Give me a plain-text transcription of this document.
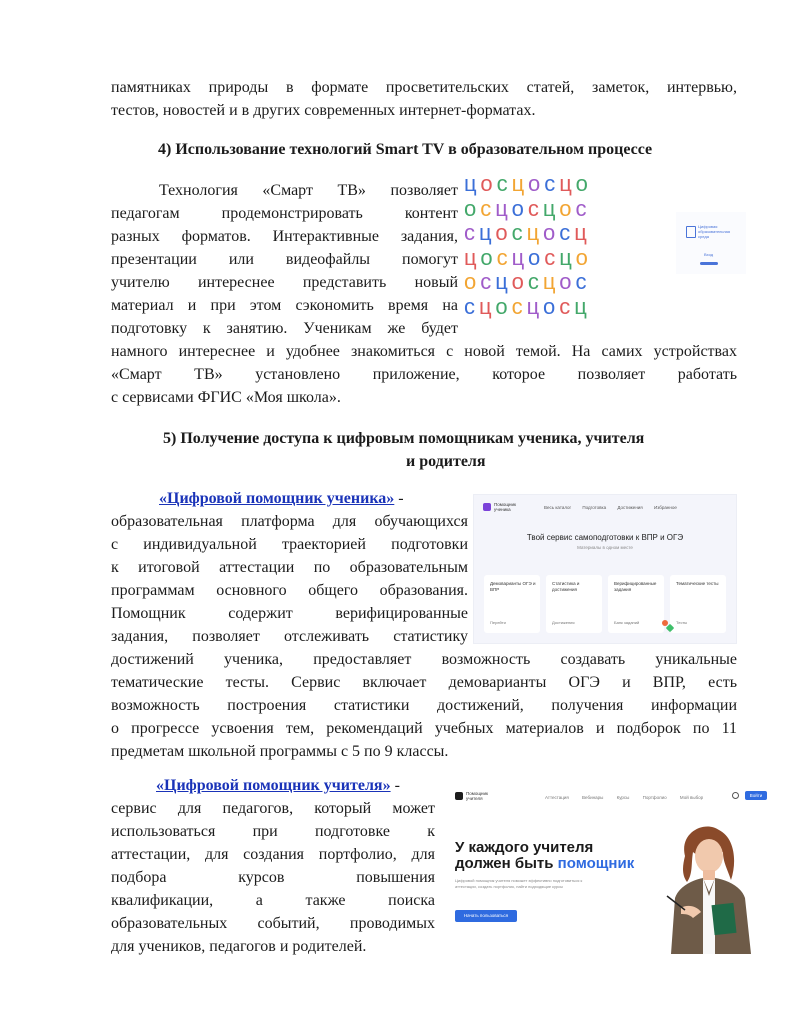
памятниках природы в формате просветительских статей, заметок, интервью,
тестов, новостей и в других современных интернет-форматах.
4) Использование технологий Smart TV в образовательном процессе
Технология «Смарт ТВ» позволяет
педагогам продемонстрировать контент
разных форматов. Интерактивные задания,
презентации или видеофайлы помогут
учителю интереснее представить новый
материал и при этом сэкономить время на
подготовку к занятию. Ученикам же будет
намного интереснее и удобнее знакомиться с новой темой. На самих устройствах
«Смарт ТВ» установлено приложение, которое позволяет работать
с сервисами ФГИС «Моя школа».
цосцосцо
осцосцос
сцосцосц
цосцосцо
осцосцос
сцосцосц
Цифровая образовательная среда
Вход
5) Получение доступа к цифровым помощникам ученика, учителя
и родителя
«Цифровой помощник ученика» -
образовательная платформа для обучающихся
с индивидуальной траекторией подготовки
к итоговой аттестации по образовательным
программам основного общего образования.
Помощник содержит верифицированные
задания, позволяет отслеживать статистику
достижений ученика, предоставляет возможность создавать уникальные
тематические тесты. Сервис включает демоварианты ОГЭ и ВПР, есть
возможность построения статистики достижений, получения информации
о прогрессе усвоения тем, рекомендаций учебных материалов и подборок по 11
предметам школьной программы с 5 по 9 классы.
Помощник ученика	Весь каталог	Подготовка	Достижения	Избранное
Твой сервис самоподготовки к ВПР и ОГЭ
Материалы в одном месте
Демоварианты ОГЭ и ВПР
Перейти
Статистика и достижения
Достижения
Верифицированные задания
Банк заданий
Тематические тесты
Тесты
«Цифровой помощник учителя» -
сервис для педагогов, который может
использоваться при подготовке к
аттестации, для создания портфолио, для
подбора курсов повышения
квалификации, а также поиска
образовательных событий, проводимых
для учеников, педагогов и родителей.
Помощник учителя	Аттестация	Вебинары	Курсы	Портфолио	Мой выбор	Войти
У каждого учителя
должен быть помощник
Цифровой помощник учителя поможет эффективно подготовиться к аттестации, создать портфолио, найти подходящие курсы
Начать пользоваться
